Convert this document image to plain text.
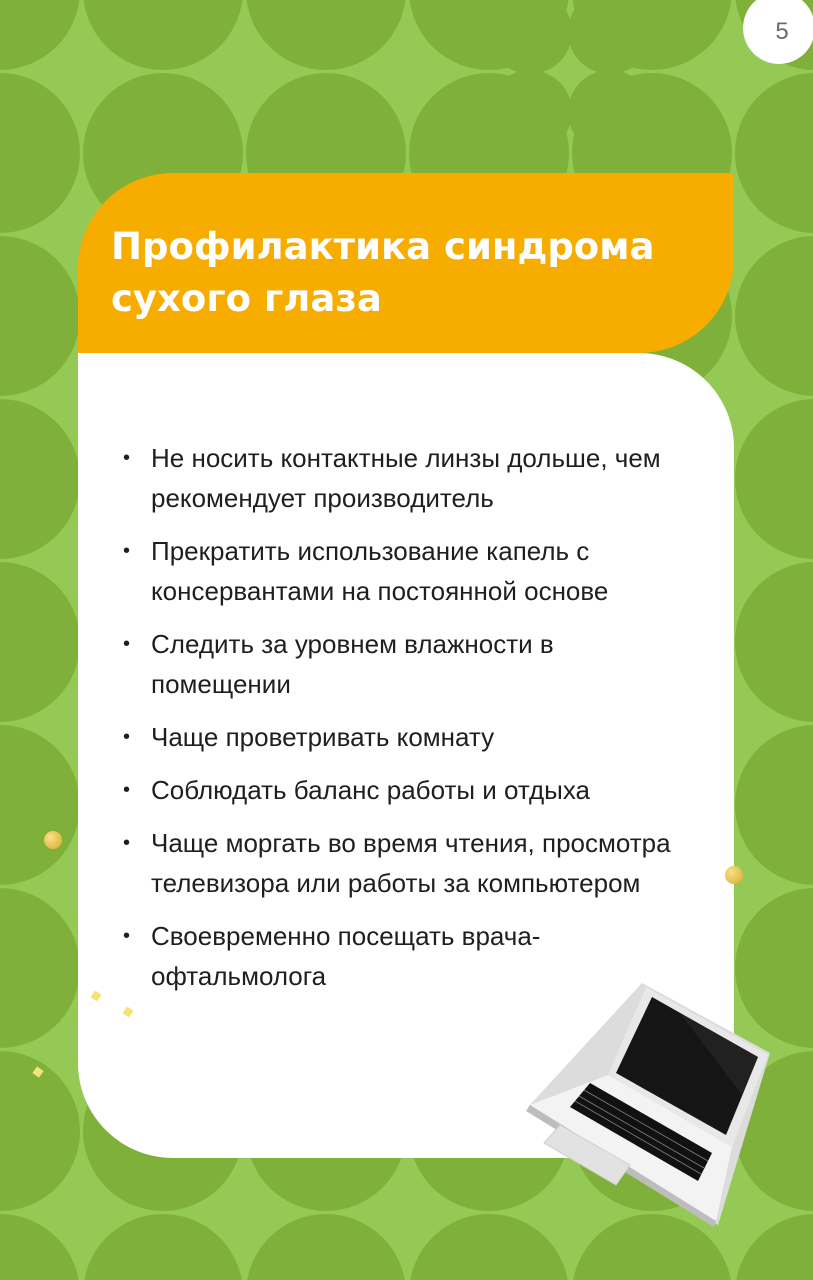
5
Профилактика синдрома сухого глаза
• Не носить контактные линзы дольше, чем рекомендует производитель
• Прекратить использование капель с консервантами на постоянной основе
• Следить за уровнем влажности в помещении
• Чаще проветривать комнату
• Соблюдать баланс работы и отдыха
• Чаще моргать во время чтения, просмотра телевизора или работы за компьютером
• Своевременно посещать врача-офтальмолога
